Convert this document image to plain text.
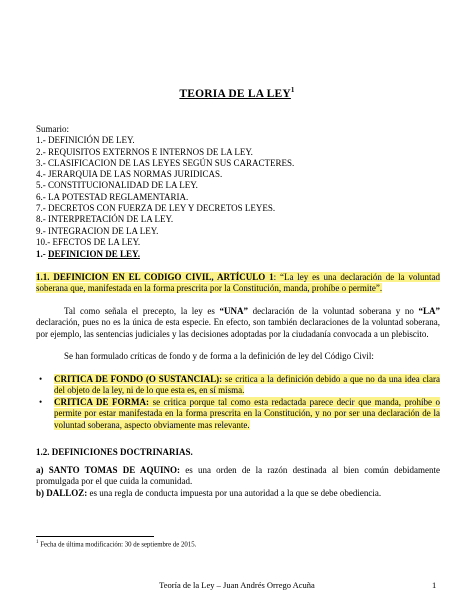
TEORIA DE LA LEY$^1$
Sumario:
1.- DEFINICIÓN DE LEY.
2.- REQUISITOS EXTERNOS E INTERNOS DE LA LEY.
3.- CLASIFICACION DE LAS LEYES SEGÚN SUS CARACTERES.
4.- JERARQUIA DE LAS NORMAS JURIDICAS.
5.- CONSTITUCIONALIDAD DE LA LEY.
6.- LA POTESTAD REGLAMENTARIA.
7.- DECRETOS CON FUERZA DE LEY Y DECRETOS LEYES.
8.- INTERPRETACIÓN DE LA LEY.
9.- INTEGRACION DE LA LEY.
10.- EFECTOS DE LA LEY.
1.- DEFINICION DE LEY.
1.1. DEFINICION EN EL CODIGO CIVIL, ARTÍCULO 1: “La ley es una declaración de la voluntad soberana que, manifestada en la forma prescrita por la Constitución, manda, prohíbe o permite”.
Tal como señala el precepto, la ley es “UNA” declaración de la voluntad soberana y no “LA” declaración, pues no es la única de esta especie. En efecto, son también declaraciones de la voluntad soberana, por ejemplo, las sentencias judiciales y las decisiones adoptadas por la ciudadanía convocada a un plebiscito.
Se han formulado críticas de fondo y de forma a la definición de ley del Código Civil:
• CRITICA DE FONDO (O SUSTANCIAL): se critica a la definición debido a que no da una idea clara del objeto de la ley, ni de lo que esta es, en sí misma.
• CRITICA DE FORMA: se critica porque tal como esta redactada parece decir que manda, prohíbe o permite por estar manifestada en la forma prescrita en la Constitución, y no por ser una declaración de la voluntad soberana, aspecto obviamente mas relevante.
1.2. DEFINICIONES DOCTRINARIAS.
a) SANTO TOMAS DE AQUINO: es una orden de la razón destinada al bien común debidamente promulgada por el que cuida la comunidad.
b) DALLOZ: es una regla de conducta impuesta por una autoridad a la que se debe obediencia.
$^1$ Fecha de última modificación: 30 de septiembre de 2015.
Teoría de la Ley – Juan Andrés Orrego Acuña	1
